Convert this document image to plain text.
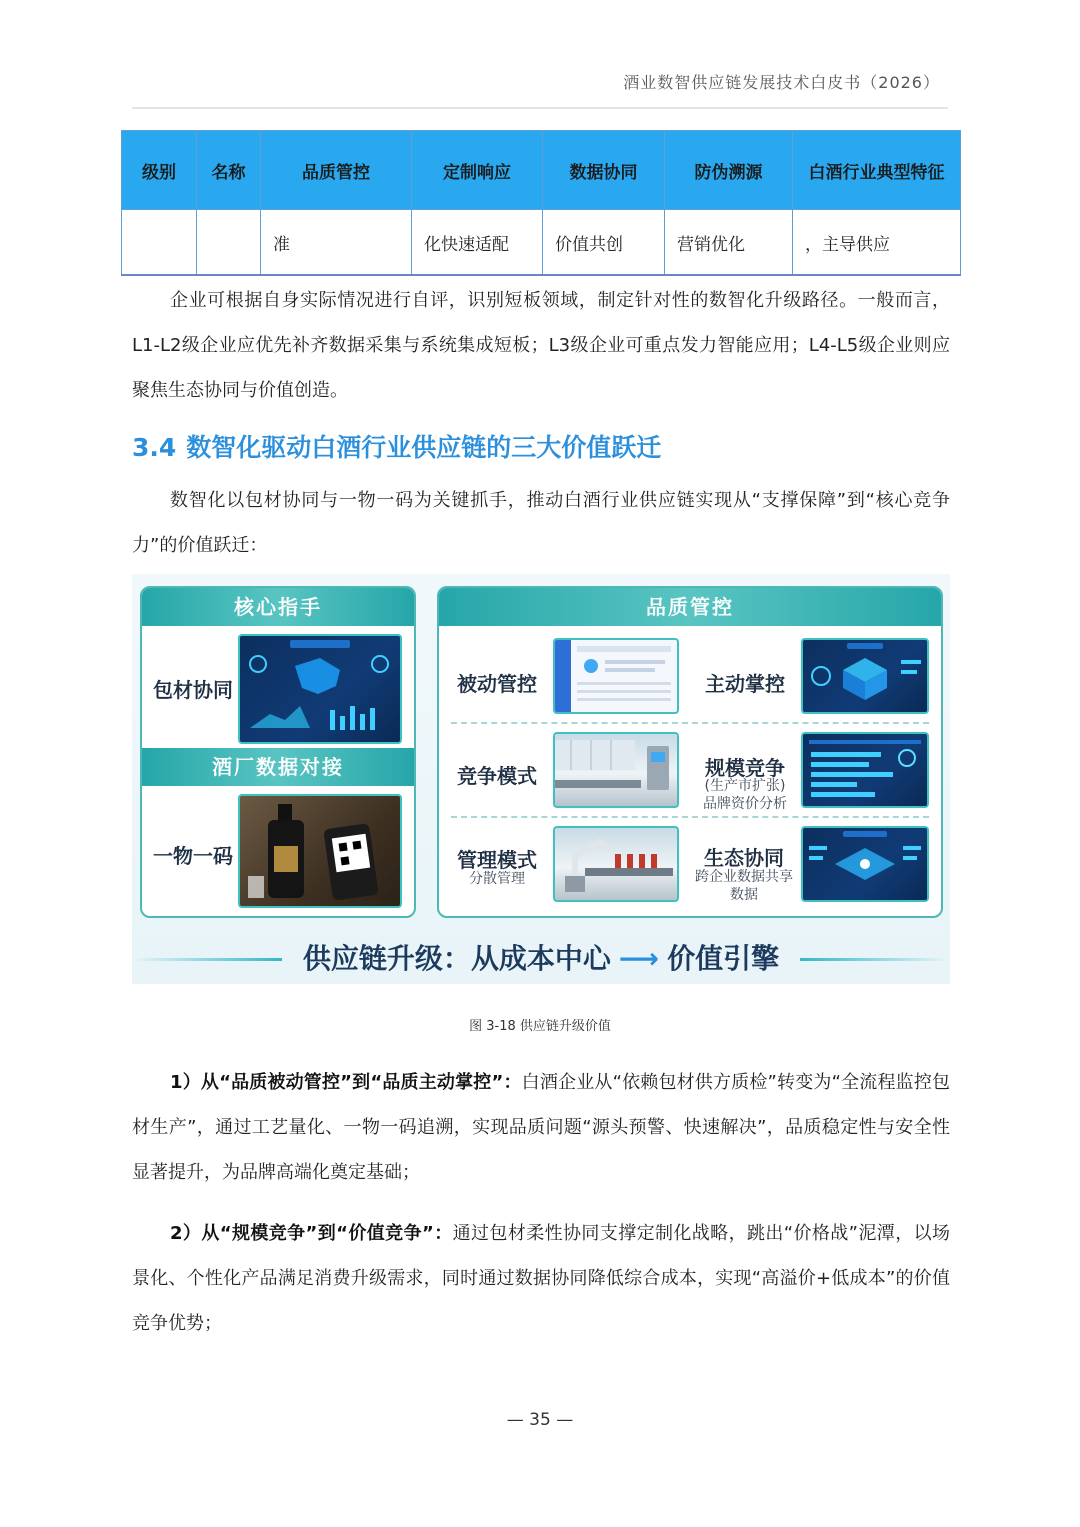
酒业数智供应链发展技术白皮书（2026）
级别	名称	品质管控	定制响应	数据协同	防伪溯源	白酒行业典型特征
		准	化快速适配	价值共创	营销优化	，主导供应

企业可根据自身实际情况进行自评，识别短板领域，制定针对性的数智化升级路径。一般而言，L1-L2级企业应优先补齐数据采集与系统集成短板；L3级企业可重点发力智能应用；L4-L5级企业则应聚焦生态协同与价值创造。

3.4 数智化驱动白酒行业供应链的三大价值跃迁

数智化以包材协同与一物一码为关键抓手，推动白酒行业供应链实现从“支撑保障”到“核心竞争力”的价值跃迁：

核心指手
包材协同
酒厂数据对接
一物一码
品质管控
被动管控	主动掌控
竞争模式	规模竞争
(生产市扩张)
品牌资价分析
管理模式
分散管理
生态协同
跨企业数据共享
数据
供应链升级：从成本中心 ⟶ 价值引擎
图 3-18 供应链升级价值

1）从“品质被动管控”到“品质主动掌控”：白酒企业从“依赖包材供方质检”转变为“全流程监控包材生产”，通过工艺量化、一物一码追溯，实现品质问题“源头预警、快速解决”，品质稳定性与安全性显著提升，为品牌高端化奠定基础；

2）从“规模竞争”到“价值竞争”：通过包材柔性协同支撑定制化战略，跳出“价格战”泥潭，以场景化、个性化产品满足消费升级需求，同时通过数据协同降低综合成本，实现“高溢价+低成本”的价值竞争优势；

— 35 —
